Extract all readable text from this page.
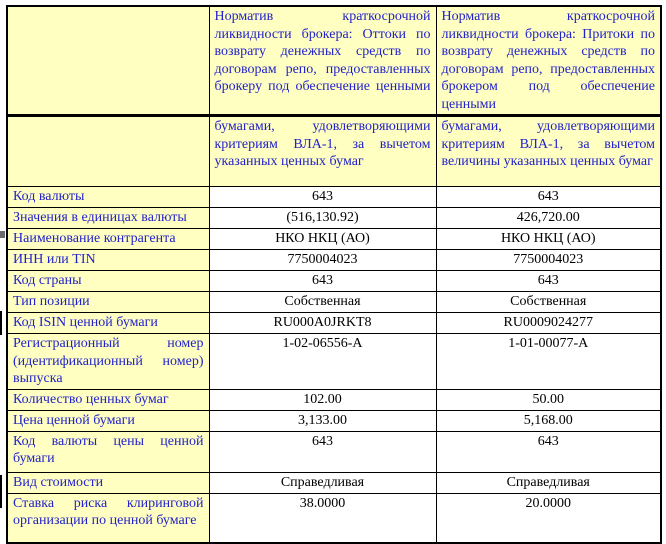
	Норматив краткосрочной ликвидности брокера: Оттоки по возврату денежных средств по договорам репо, предоставленных брокеру под обеспечение ценными	Норматив краткосрочной ликвидности брокера: Притоки по возврату денежных средств по договорам репо, предоставленных брокером под обеспечение ценными
	бумагами, удовлетворяющими критериям ВЛА-1, за вычетом указанных ценных бумаг	бумагами, удовлетворяющими критериям ВЛА-1, за вычетом величины указанных ценных бумаг
Код валюты	643	643
Значения в единицах валюты	(516,130.92)	426,720.00
Наименование контрагента	НКО НКЦ (АО)	НКО НКЦ (АО)
ИНН или TIN	7750004023	7750004023
Код страны	643	643
Тип позиции	Собственная	Собственная
Код ISIN ценной бумаги	RU000A0JRKT8	RU0009024277
Регистрационный номер (идентификационный номер) выпуска	1-02-06556-А	1-01-00077-А
Количество ценных бумаг	102.00	50.00
Цена ценной бумаги	3,133.00	5,168.00
Код валюты цены ценной бумаги	643	643
Вид стоимости	Справедливая	Справедливая
Ставка риска клиринговой организации по ценной бумаге	38.0000	20.0000
